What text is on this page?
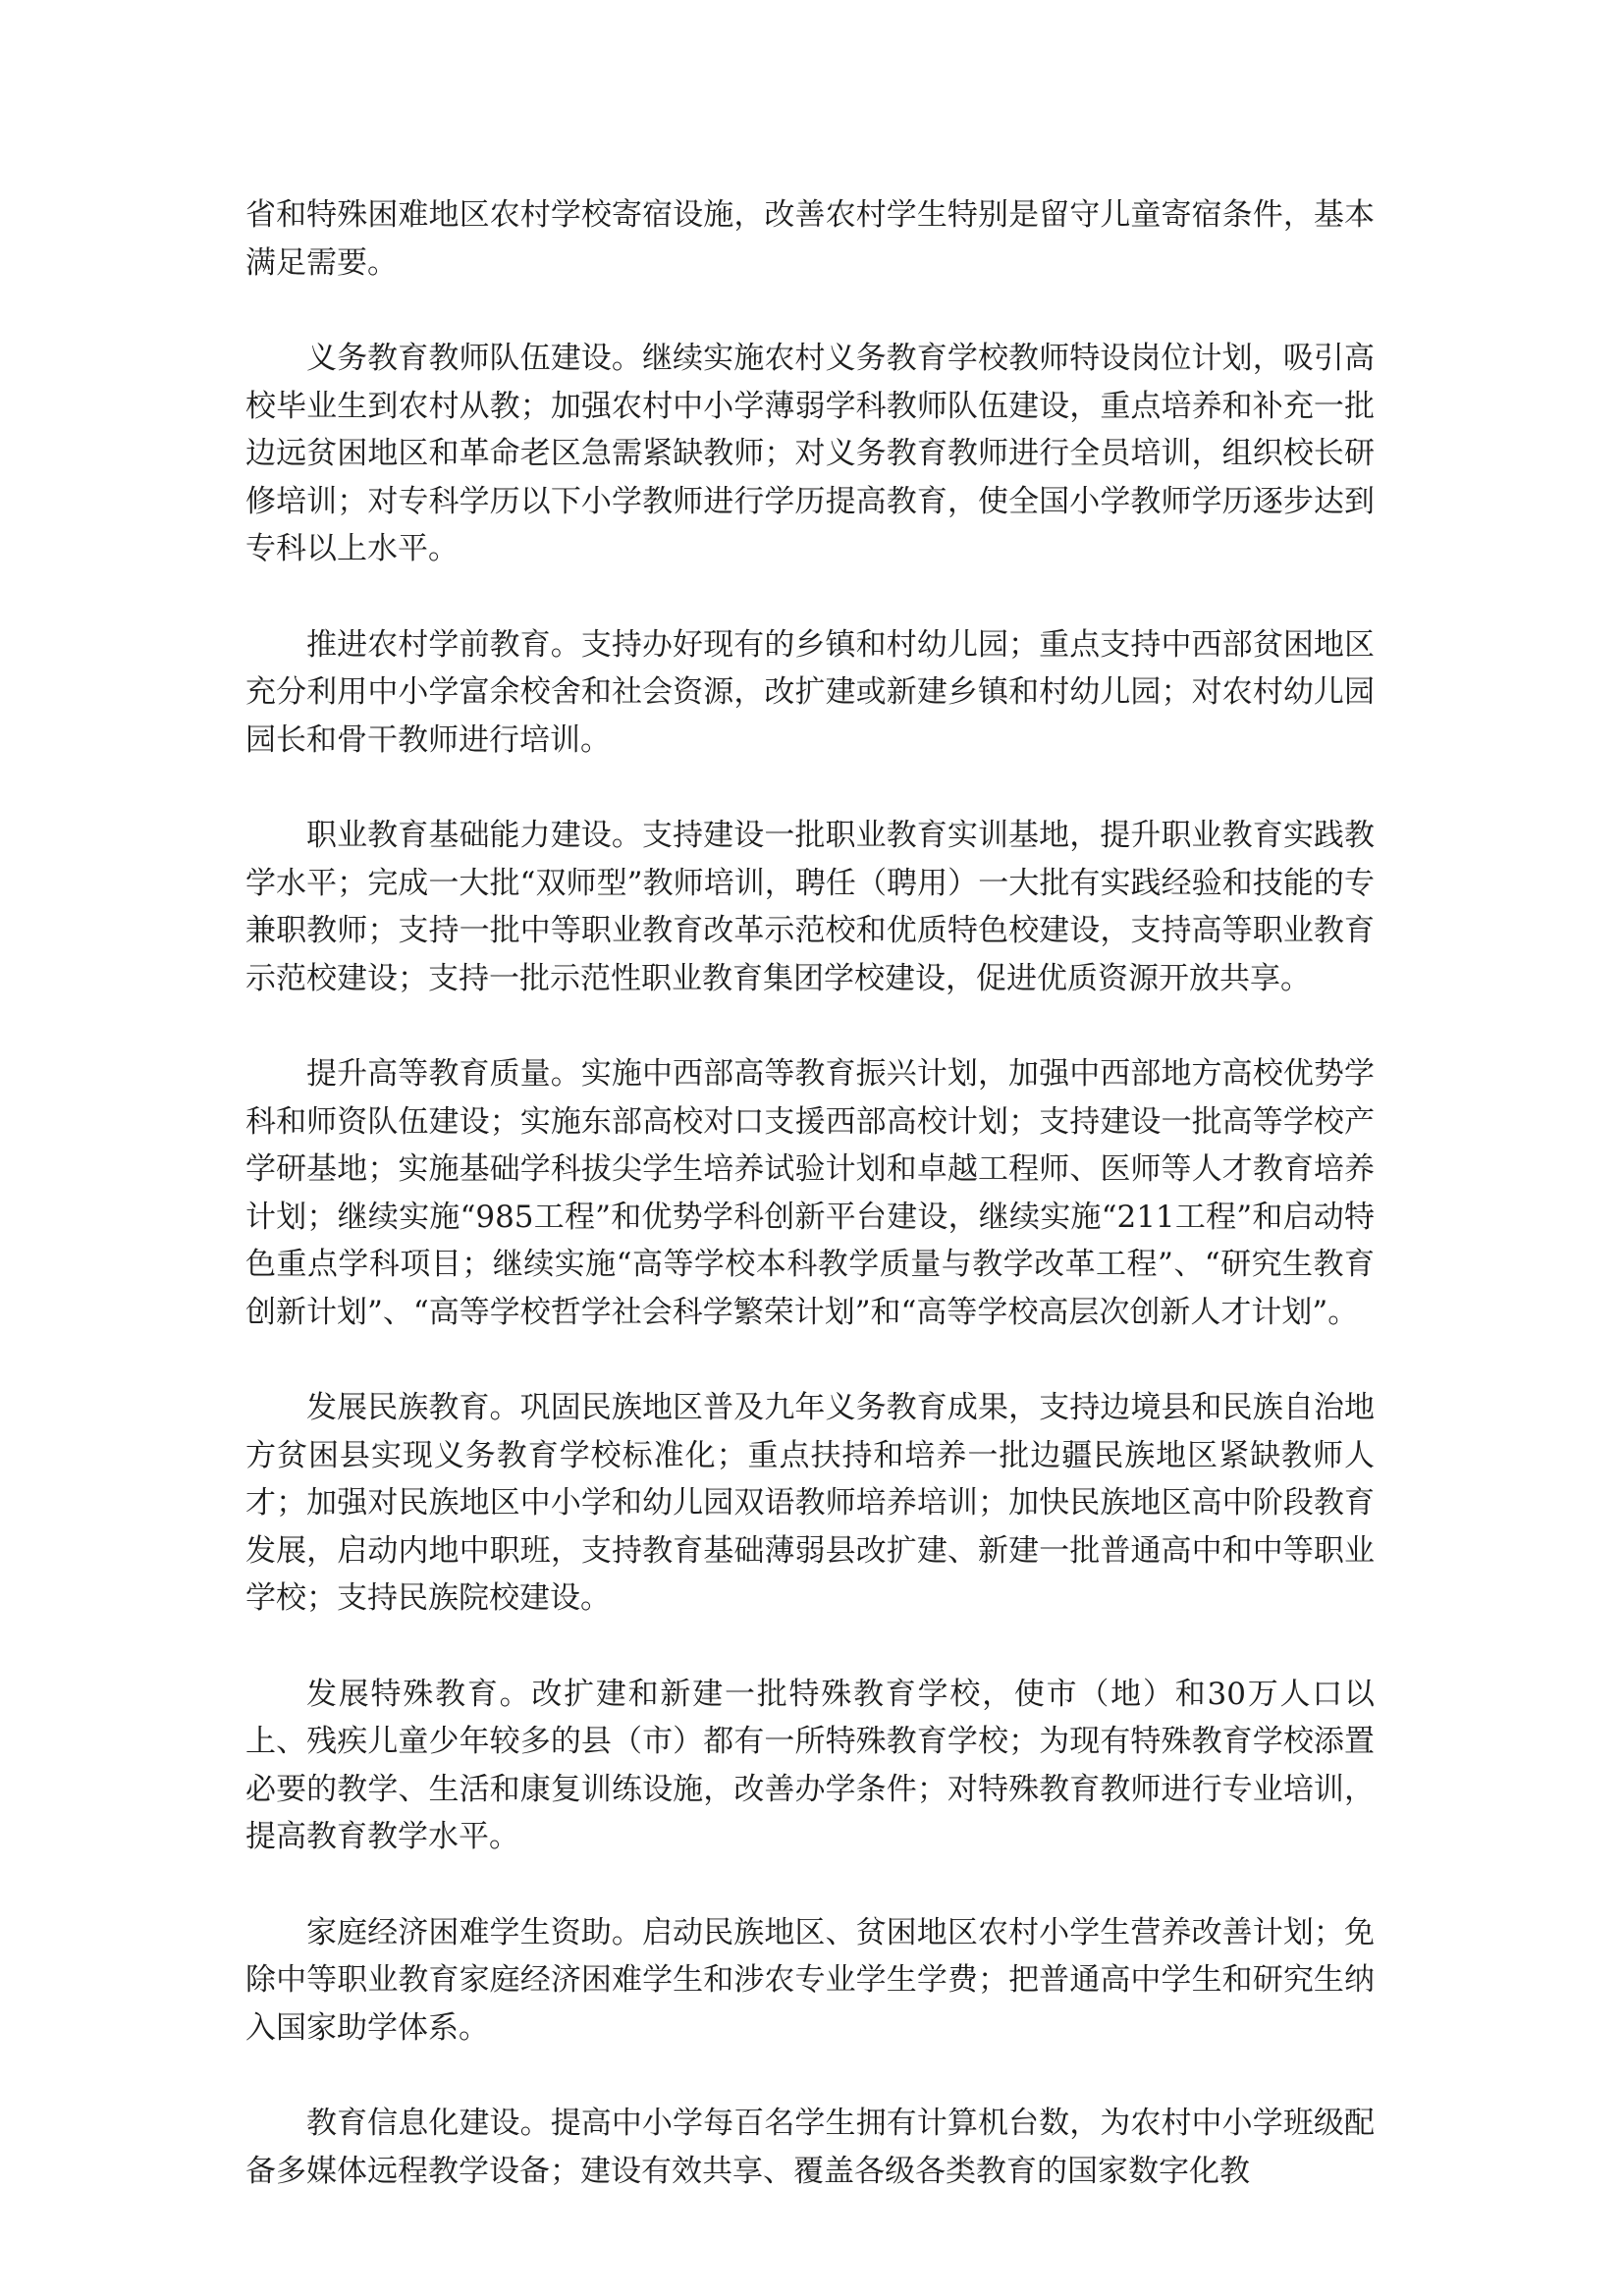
省和特殊困难地区农村学校寄宿设施，改善农村学生特别是留守儿童寄宿条件，基本满足需要。

义务教育教师队伍建设。继续实施农村义务教育学校教师特设岗位计划，吸引高校毕业生到农村从教；加强农村中小学薄弱学科教师队伍建设，重点培养和补充一批边远贫困地区和革命老区急需紧缺教师；对义务教育教师进行全员培训，组织校长研修培训；对专科学历以下小学教师进行学历提高教育，使全国小学教师学历逐步达到专科以上水平。

推进农村学前教育。支持办好现有的乡镇和村幼儿园；重点支持中西部贫困地区充分利用中小学富余校舍和社会资源，改扩建或新建乡镇和村幼儿园；对农村幼儿园园长和骨干教师进行培训。

职业教育基础能力建设。支持建设一批职业教育实训基地，提升职业教育实践教学水平；完成一大批“双师型”教师培训，聘任（聘用）一大批有实践经验和技能的专兼职教师；支持一批中等职业教育改革示范校和优质特色校建设，支持高等职业教育示范校建设；支持一批示范性职业教育集团学校建设，促进优质资源开放共享。

提升高等教育质量。实施中西部高等教育振兴计划，加强中西部地方高校优势学科和师资队伍建设；实施东部高校对口支援西部高校计划；支持建设一批高等学校产学研基地；实施基础学科拔尖学生培养试验计划和卓越工程师、医师等人才教育培养计划；继续实施“985工程”和优势学科创新平台建设，继续实施“211工程”和启动特色重点学科项目；继续实施“高等学校本科教学质量与教学改革工程”、“研究生教育创新计划”、“高等学校哲学社会科学繁荣计划”和“高等学校高层次创新人才计划”。

发展民族教育。巩固民族地区普及九年义务教育成果，支持边境县和民族自治地方贫困县实现义务教育学校标准化；重点扶持和培养一批边疆民族地区紧缺教师人才；加强对民族地区中小学和幼儿园双语教师培养培训；加快民族地区高中阶段教育发展，启动内地中职班，支持教育基础薄弱县改扩建、新建一批普通高中和中等职业学校；支持民族院校建设。

发展特殊教育。改扩建和新建一批特殊教育学校，使市（地）和30万人口以上、残疾儿童少年较多的县（市）都有一所特殊教育学校；为现有特殊教育学校添置必要的教学、生活和康复训练设施，改善办学条件；对特殊教育教师进行专业培训，提高教育教学水平。

家庭经济困难学生资助。启动民族地区、贫困地区农村小学生营养改善计划；免除中等职业教育家庭经济困难学生和涉农专业学生学费；把普通高中学生和研究生纳入国家助学体系。

教育信息化建设。提高中小学每百名学生拥有计算机台数，为农村中小学班级配备多媒体远程教学设备；建设有效共享、覆盖各级各类教育的国家数字化教
